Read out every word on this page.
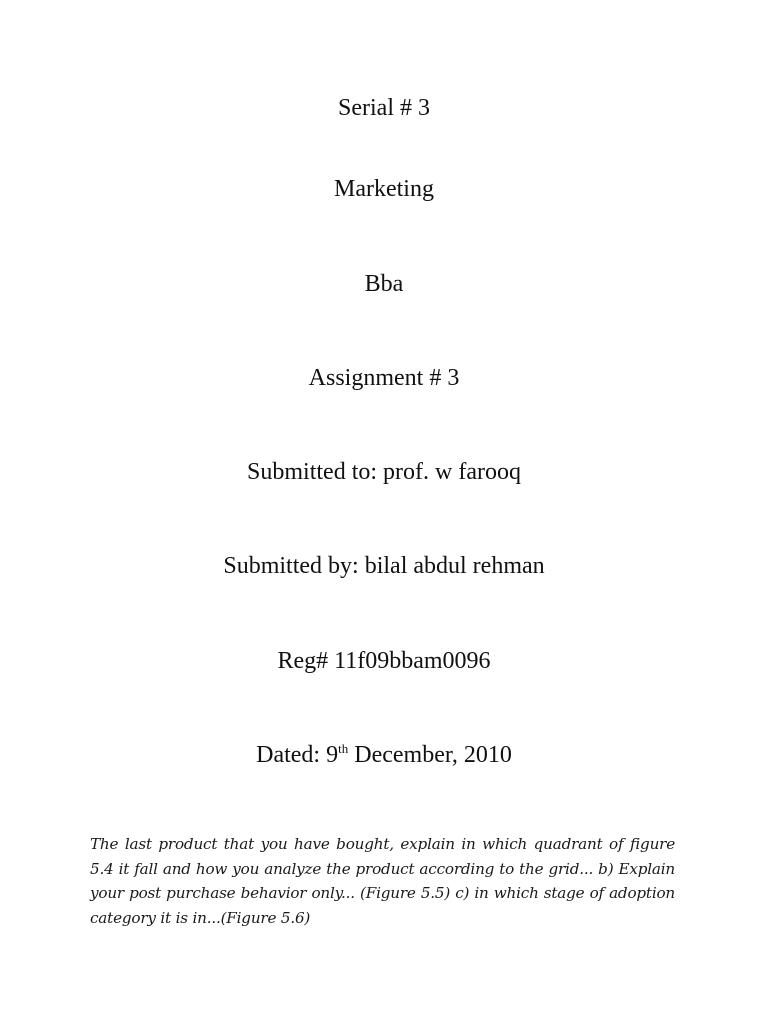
Serial # 3
Marketing
Bba
Assignment # 3
Submitted to: prof. w farooq
Submitted by: bilal abdul rehman
Reg# 11f09bbam0096
Dated: 9th December, 2010
The last product that you have bought, explain in which quadrant of figure 5.4 it fall and how you analyze the product according to the grid... b) Explain your post purchase behavior only... (Figure 5.5) c) in which stage of adoption category it is in...(Figure 5.6)
